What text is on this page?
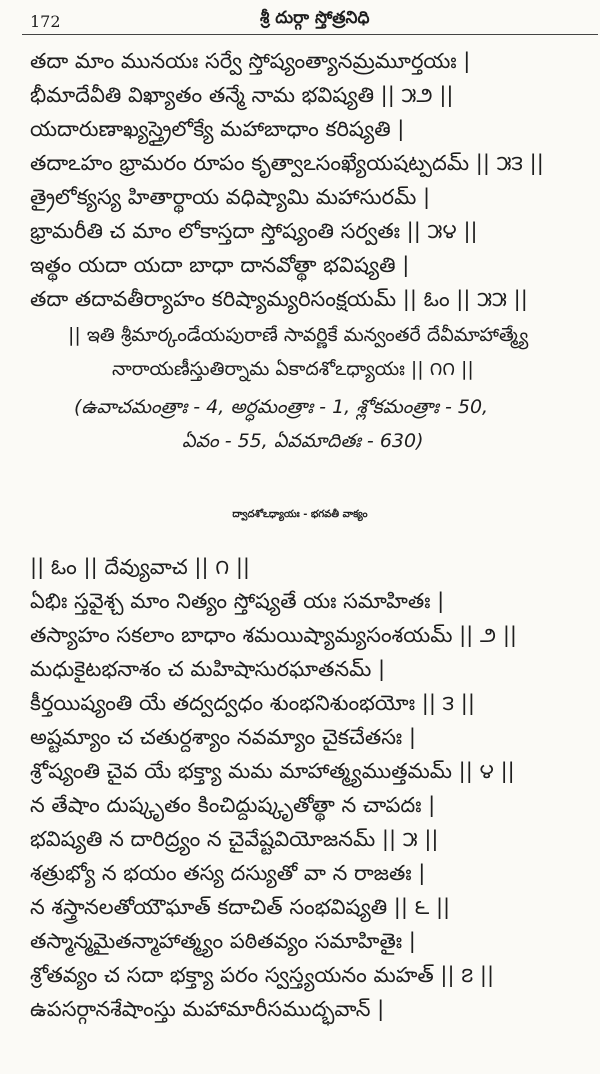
172	శ్రీ దుర్గా స్తోత్రనిధి
తదా మాం మునయః సర్వే స్తోష్యంత్యానమ్రమూర్తయః |
భీమాదేవీతి విఖ్యాతం తన్మే నామ భవిష్యతి || ౫౨ ||
యదారుణాఖ్యస్త్రైలోక్యే మహాబాధాం కరిష్యతి |
తదాఽహం భ్రామరం రూపం కృత్వాఽసంఖ్యేయషట్పదమ్ || ౫౩ ||
త్రైలోక్యస్య హితార్థాయ వధిష్యామి మహాసురమ్ |
భ్రామరీతి చ మాం లోకాస్తదా స్తోష్యంతి సర్వతః || ౫౪ ||
ఇత్థం యదా యదా బాధా దానవోత్థా భవిష్యతి |
తదా తదావతీర్యాహం కరిష్యామ్యరిసంక్షయమ్ || ఓం || ౫౫ ||
|| ఇతి శ్రీమార్కండేయపురాణే సావర్ణికే మన్వంతరే దేవీమాహాత్మ్యే
నారాయణీస్తుతిర్నామ ఏకాదశోఽధ్యాయః || ౧౧ ||
(ఉవాచమంత్రాః - 4, అర్ధమంత్రాః - 1, శ్లోకమంత్రాః - 50,
ఏవం - 55, ఏవమాదితః - 630)
ద్వాదశోఽధ్యాయః - భగవతీ వాక్యం
|| ఓం || దేవ్యువాచ || ౧ ||
ఏభిః స్తవైశ్చ మాం నిత్యం స్తోష్యతే యః సమాహితః |
తస్యాహం సకలాం బాధాం శమయిష్యామ్యసంశయమ్ || ౨ ||
మధుకైటభనాశం చ మహిషాసురఘాతనమ్ |
కీర్తయిష్యంతి యే తద్వద్వధం శుంభనిశుంభయోః || ౩ ||
అష్టమ్యాం చ చతుర్దశ్యాం నవమ్యాం చైకచేతసః |
శ్రోష్యంతి చైవ యే భక్త్యా మమ మాహాత్మ్యముత్తమమ్ || ౪ ||
న తేషాం దుష్కృతం కించిద్దుష్కృతోత్థా న చాపదః |
భవిష్యతి న దారిద్ర్యం న చైవేష్టవియోజనమ్ || ౫ ||
శత్రుభ్యో న భయం తస్య దస్యుతో వా న రాజతః |
న శస్త్రానలతోయౌఘాత్ కదాచిత్ సంభవిష్యతి || ౬ ||
తస్మాన్మమైతన్మాహాత్మ్యం పఠితవ్యం సమాహితైః |
శ్రోతవ్యం చ సదా భక్త్యా పరం స్వస్త్యయనం మహత్ || ౭ ||
ఉపసర్గానశేషాంస్తు మహామారీసముద్భవాన్ |
